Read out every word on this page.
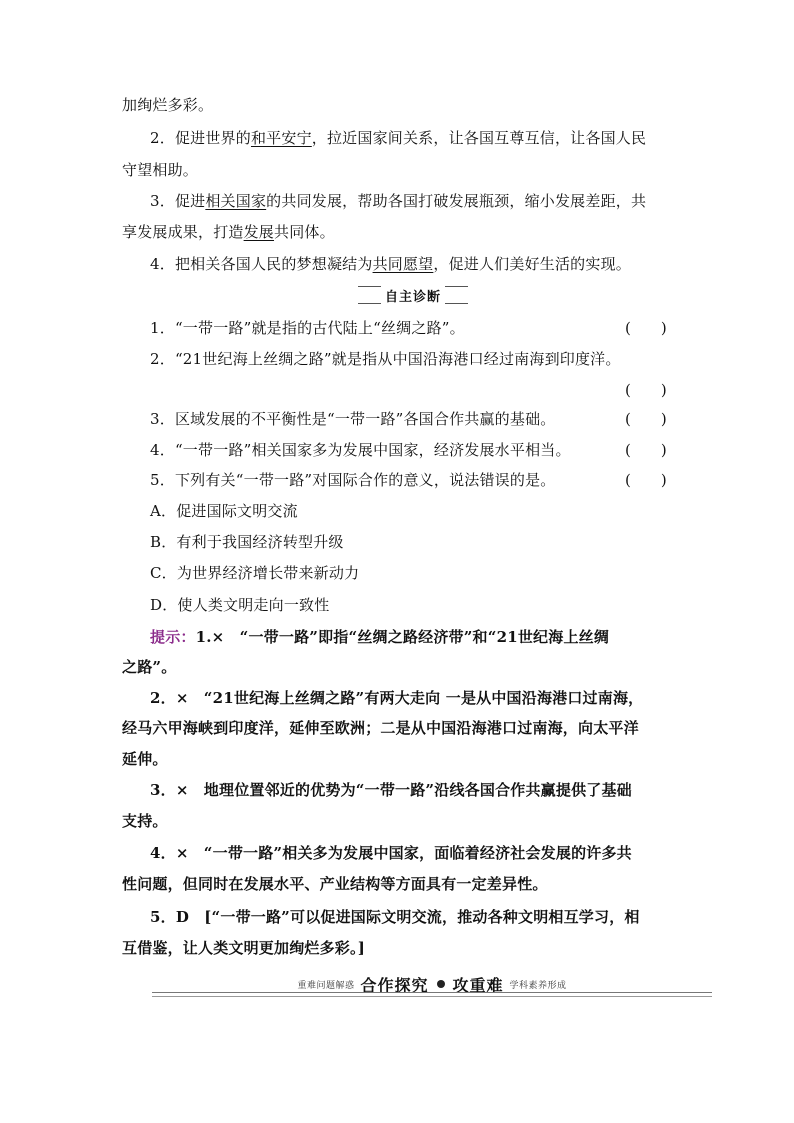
加绚烂多彩。
2．促进世界的和平安宁，拉近国家间关系，让各国互尊互信，让各国人民
守望相助。
3．促进相关国家的共同发展，帮助各国打破发展瓶颈，缩小发展差距，共
享发展成果，打造发展共同体。
4．把相关各国人民的梦想凝结为共同愿望，促进人们美好生活的实现。
自主诊断
1．“一带一路”就是指的古代陆上“丝绸之路”。	(　　)
2．“21世纪海上丝绸之路”就是指从中国沿海港口经过南海到印度洋。
(　　)
3．区域发展的不平衡性是“一带一路”各国合作共赢的基础。	(　　)
4．“一带一路”相关国家多为发展中国家，经济发展水平相当。	(　　)
5．下列有关“一带一路”对国际合作的意义，说法错误的是。	(　　)
A．促进国际文明交流
B．有利于我国经济转型升级
C．为世界经济增长带来新动力
D．使人类文明走向一致性
提示：1.×　“一带一路”即指“丝绸之路经济带”和“21世纪海上丝绸
之路”。
2．×　“21世纪海上丝绸之路”有两大走向 一是从中国沿海港口过南海，
经马六甲海峡到印度洋，延伸至欧洲；二是从中国沿海港口过南海，向太平洋
延伸。
3．×　地理位置邻近的优势为“一带一路”沿线各国合作共赢提供了基础
支持。
4．×　“一带一路”相关多为发展中国家，面临着经济社会发展的许多共
性问题，但同时在发展水平、产业结构等方面具有一定差异性。
5．D　[“一带一路”可以促进国际文明交流，推动各种文明相互学习，相
互借鉴，让人类文明更加绚烂多彩。]
重难问题解惑 合作探究 攻重难 学科素养形成
